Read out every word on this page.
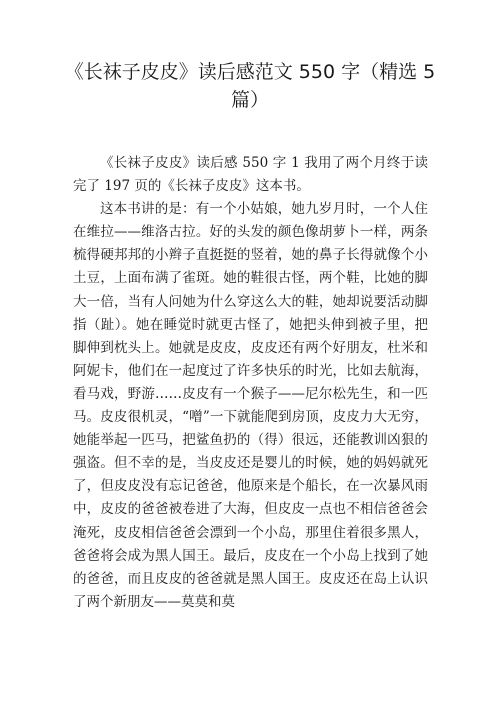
《长袜子皮皮》读后感范文 550 字（精选 5 篇）

《长袜子皮皮》读后感 550 字 1 我用了两个月终于读完了 197 页的《长袜子皮皮》这本书。

这本书讲的是：有一个小姑娘，她九岁月时，一个人住在维拉——维洛古拉。好的头发的颜色像胡萝卜一样，两条梳得硬邦邦的小辫子直挺挺的竖着，她的鼻子长得就像个小土豆，上面布满了雀斑。她的鞋很古怪，两个鞋，比她的脚大一倍，当有人问她为什么穿这么大的鞋，她却说要活动脚指（趾）。她在睡觉时就更古怪了，她把头伸到被子里，把脚伸到枕头上。她就是皮皮，皮皮还有两个好朋友，杜米和阿妮卡，他们在一起度过了许多快乐的时光，比如去航海，看马戏，野游……皮皮有一个猴子——尼尔松先生，和一匹马。皮皮很机灵，“噌”一下就能爬到房顶，皮皮力大无穷，她能举起一匹马，把鲨鱼扔的（得）很远，还能教训凶狠的强盗。但不幸的是，当皮皮还是婴儿的时候，她的妈妈就死了，但皮皮没有忘记爸爸，他原来是个船长，在一次暴风雨中，皮皮的爸爸被卷进了大海，但皮皮一点也不相信爸爸会淹死，皮皮相信爸爸会漂到一个小岛，那里住着很多黑人，爸爸将会成为黑人国王。最后，皮皮在一个小岛上找到了她的爸爸，而且皮皮的爸爸就是黑人国王。皮皮还在岛上认识了两个新朋友——莫莫和莫
